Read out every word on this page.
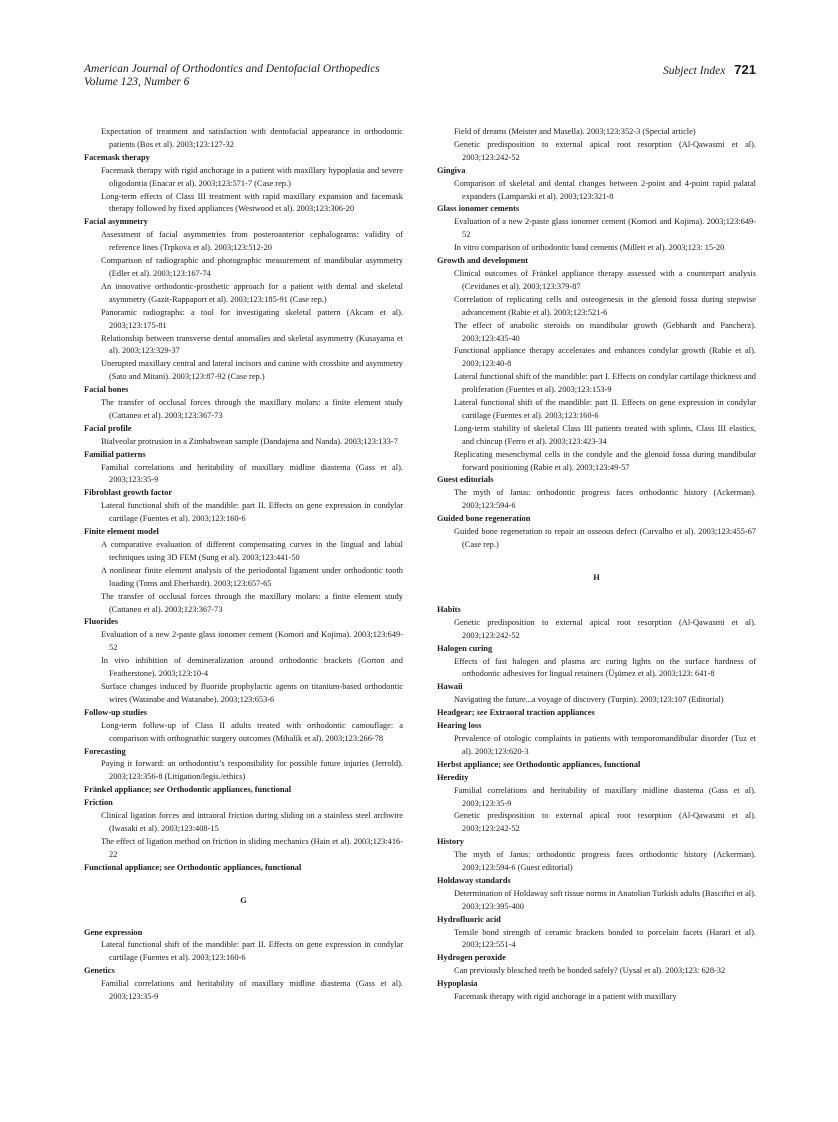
American Journal of Orthodontics and Dentofacial Orthopedics
Volume 123, Number 6
Subject Index 721
Expectation of treatment and satisfaction with dentofacial appearance in orthodontic patients (Bos et al). 2003;123:127-32
Facemask therapy
Facemask therapy with rigid anchorage in a patient with maxillary hypoplasia and severe oligodontia (Enacar et al). 2003;123:571-7 (Case rep.)
Long-term effects of Class III treatment with rapid maxillary expansion and facemask therapy followed by fixed appliances (Westwood et al). 2003;123:306-20
Facial asymmetry
Assessment of facial asymmetries from posteroanterior cephalograms: validity of reference lines (Trpkova et al). 2003;123:512-20
Comparison of radiographic and photographic measurement of mandibular asymmetry (Edler et al). 2003;123:167-74
An innovative orthodontic-prosthetic approach for a patient with dental and skeletal asymmetry (Gazit-Rappaport et al). 2003;123:185-91 (Case rep.)
Panoramic radiographs: a tool for investigating skeletal pattern (Akcam et al). 2003;123:175-81
Relationship between transverse dental anomalies and skeletal asymmetry (Kusayama et al). 2003;123:329-37
Unerupted maxillary central and lateral incisors and canine with crossbite and asymmetry (Sato and Mitani). 2003;123:87-92 (Case rep.)
Facial bones
The transfer of occlusal forces through the maxillary molars: a finite element study (Cattaneo et al). 2003;123:367-73
Facial profile
Bialveolar protrusion in a Zimbabwean sample (Dandajena and Nanda). 2003;123:133-7
Familial patterns
Familial correlations and heritability of maxillary midline diastema (Gass et al). 2003;123:35-9
Fibroblast growth factor
Lateral functional shift of the mandible: part II. Effects on gene expression in condylar cartilage (Fuentes et al). 2003;123:160-6
Finite element model
A comparative evaluation of different compensating curves in the lingual and labial techniques using 3D FEM (Sung et al). 2003;123:441-50
A nonlinear finite element analysis of the periodontal ligament under orthodontic tooth loading (Toms and Eberhardt). 2003;123:657-65
The transfer of occlusal forces through the maxillary molars: a finite element study (Cattaneo et al). 2003;123:367-73
Fluorides
Evaluation of a new 2-paste glass ionomer cement (Komori and Kojima). 2003;123:649-52
In vivo inhibition of demineralization around orthodontic brackets (Gorton and Featherstone). 2003;123:10-4
Surface changes induced by fluoride prophylactic agents on titanium-based orthodontic wires (Watanabe and Watanabe). 2003;123:653-6
Follow-up studies
Long-term follow-up of Class II adults treated with orthodontic camouflage: a comparison with orthognathic surgery outcomes (Mihalik et al). 2003;123:266-78
Forecasting
Paying it forward: an orthodontist’s responsibility for possible future injuries (Jerrold). 2003;123:356-8 (Litigation/legis./ethics)
Fränkel appliance; see Orthodontic appliances, functional
Friction
Clinical ligation forces and intraoral friction during sliding on a stainless steel archwire (Iwasaki et al). 2003;123:408-15
The effect of ligation method on friction in sliding mechanics (Hain et al). 2003;123:416-22
Functional appliance; see Orthodontic appliances, functional
G
Gene expression
Lateral functional shift of the mandible: part II. Effects on gene expression in condylar cartilage (Fuentes et al). 2003;123:160-6
Genetics
Familial correlations and heritability of maxillary midline diastema (Gass et al). 2003;123:35-9
Field of dreams (Meister and Masella). 2003;123:352-3 (Special article)
Genetic predisposition to external apical root resorption (Al-Qawasmi et al). 2003;123:242-52
Gingiva
Comparison of skeletal and dental changes between 2-point and 4-point rapid palatal expanders (Lamparski et al). 2003;123:321-8
Glass ionomer cements
Evaluation of a new 2-paste glass ionomer cement (Komori and Kojima). 2003;123:649-52
In vitro comparison of orthodontic band cements (Millett et al). 2003;123: 15-20
Growth and development
Clinical outcomes of Fränkel appliance therapy assessed with a counterpart analysis (Cevidanes et al). 2003;123:379-87
Correlation of replicating cells and osteogenesis in the glenoid fossa during stepwise advancement (Rabie et al). 2003;123:521-6
The effect of anabolic steroids on mandibular growth (Gebhardt and Pancherz). 2003;123:435-40
Functional appliance therapy accelerates and enhances condylar growth (Rabie et al). 2003;123:40-8
Lateral functional shift of the mandible: part I. Effects on condylar cartilage thickness and proliferation (Fuentes et al). 2003;123:153-9
Lateral functional shift of the mandible: part II. Effects on gene expression in condylar cartilage (Fuentes et al). 2003;123:160-6
Long-term stability of skeletal Class III patients treated with splints, Class III elastics, and chincup (Ferro et al). 2003;123:423-34
Replicating mesenchymal cells in the condyle and the glenoid fossa during mandibular forward positioning (Rabie et al). 2003;123:49-57
Guest editorials
The myth of Janus: orthodontic progress faces orthodontic history (Ackerman). 2003;123:594-6
Guided bone regeneration
Guided bone regeneration to repair an osseous defect (Carvalho et al). 2003;123:455-67 (Case rep.)
H
Habits
Genetic predisposition to external apical root resorption (Al-Qawasmi et al). 2003;123:242-52
Halogen curing
Effects of fast halogen and plasma arc curing lights on the surface hardness of orthodontic adhesives for lingual retainers (Üşümez et al). 2003;123: 641-8
Hawaii
Navigating the future...a voyage of discovery (Turpin). 2003;123:107 (Editorial)
Headgear; see Extraoral traction appliances
Hearing loss
Prevalence of otologic complaints in patients with temporomandibular disorder (Tuz et al). 2003;123:620-3
Herbst appliance; see Orthodontic appliances, functional
Heredity
Familial correlations and heritability of maxillary midline diastema (Gass et al). 2003;123:35-9
Genetic predisposition to external apical root resorption (Al-Qawasmi et al). 2003;123:242-52
History
The myth of Janus: orthodontic progress faces orthodontic history (Ackerman). 2003;123:594-6 (Guest editorial)
Holdaway standards
Determination of Holdaway soft tissue norms in Anatolian Turkish adults (Basciftci et al). 2003;123:395-400
Hydrofluoric acid
Tensile bond strength of ceramic brackets bonded to porcelain facets (Harari et al). 2003;123:551-4
Hydrogen peroxide
Can previously bleached teeth be bonded safely? (Uysal et al). 2003;123: 628-32
Hypoplasia
Facemask therapy with rigid anchorage in a patient with maxillary
